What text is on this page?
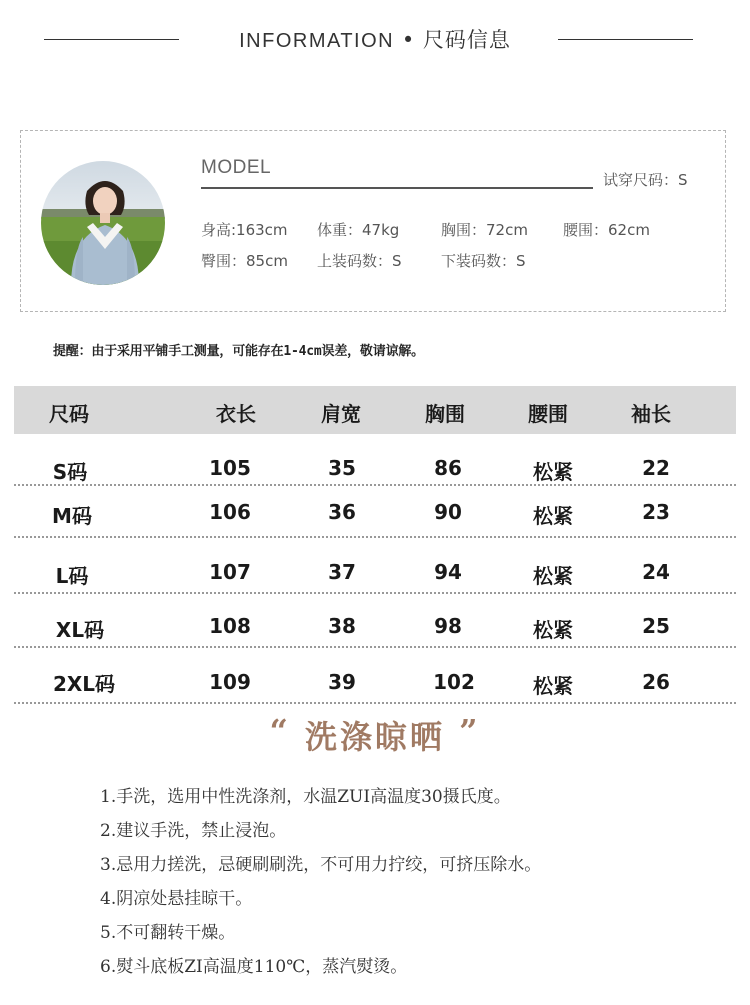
INFORMATION • 尺码信息
MODEL
试穿尺码：S
身高:163cm 体重：47kg	胸围：72cm 腰围：62cm
臀围：85cm 上装码数：S	下装码数：S
提醒：由于采用平铺手工测量，可能存在1-4cm误差，敬请谅解。
尺码	衣长	肩宽	胸围	腰围	袖长
S码	105	35	86	松紧	22
M码	106	36	90	松紧	23
L码	107	37	94	松紧	24
XL码	108	38	98	松紧	25
2XL码	109	39	102	松紧	26
“ 洗涤晾晒 ”
1.手洗，选用中性洗涤剂，水温ZUI高温度30摄氏度。
2.建议手洗，禁止浸泡。
3.忌用力搓洗，忌硬刷刷洗，不可用力拧绞，可挤压除水。
4.阴凉处悬挂晾干。
5.不可翻转干燥。
6.熨斗底板ZI高温度110℃，蒸汽熨烫。
